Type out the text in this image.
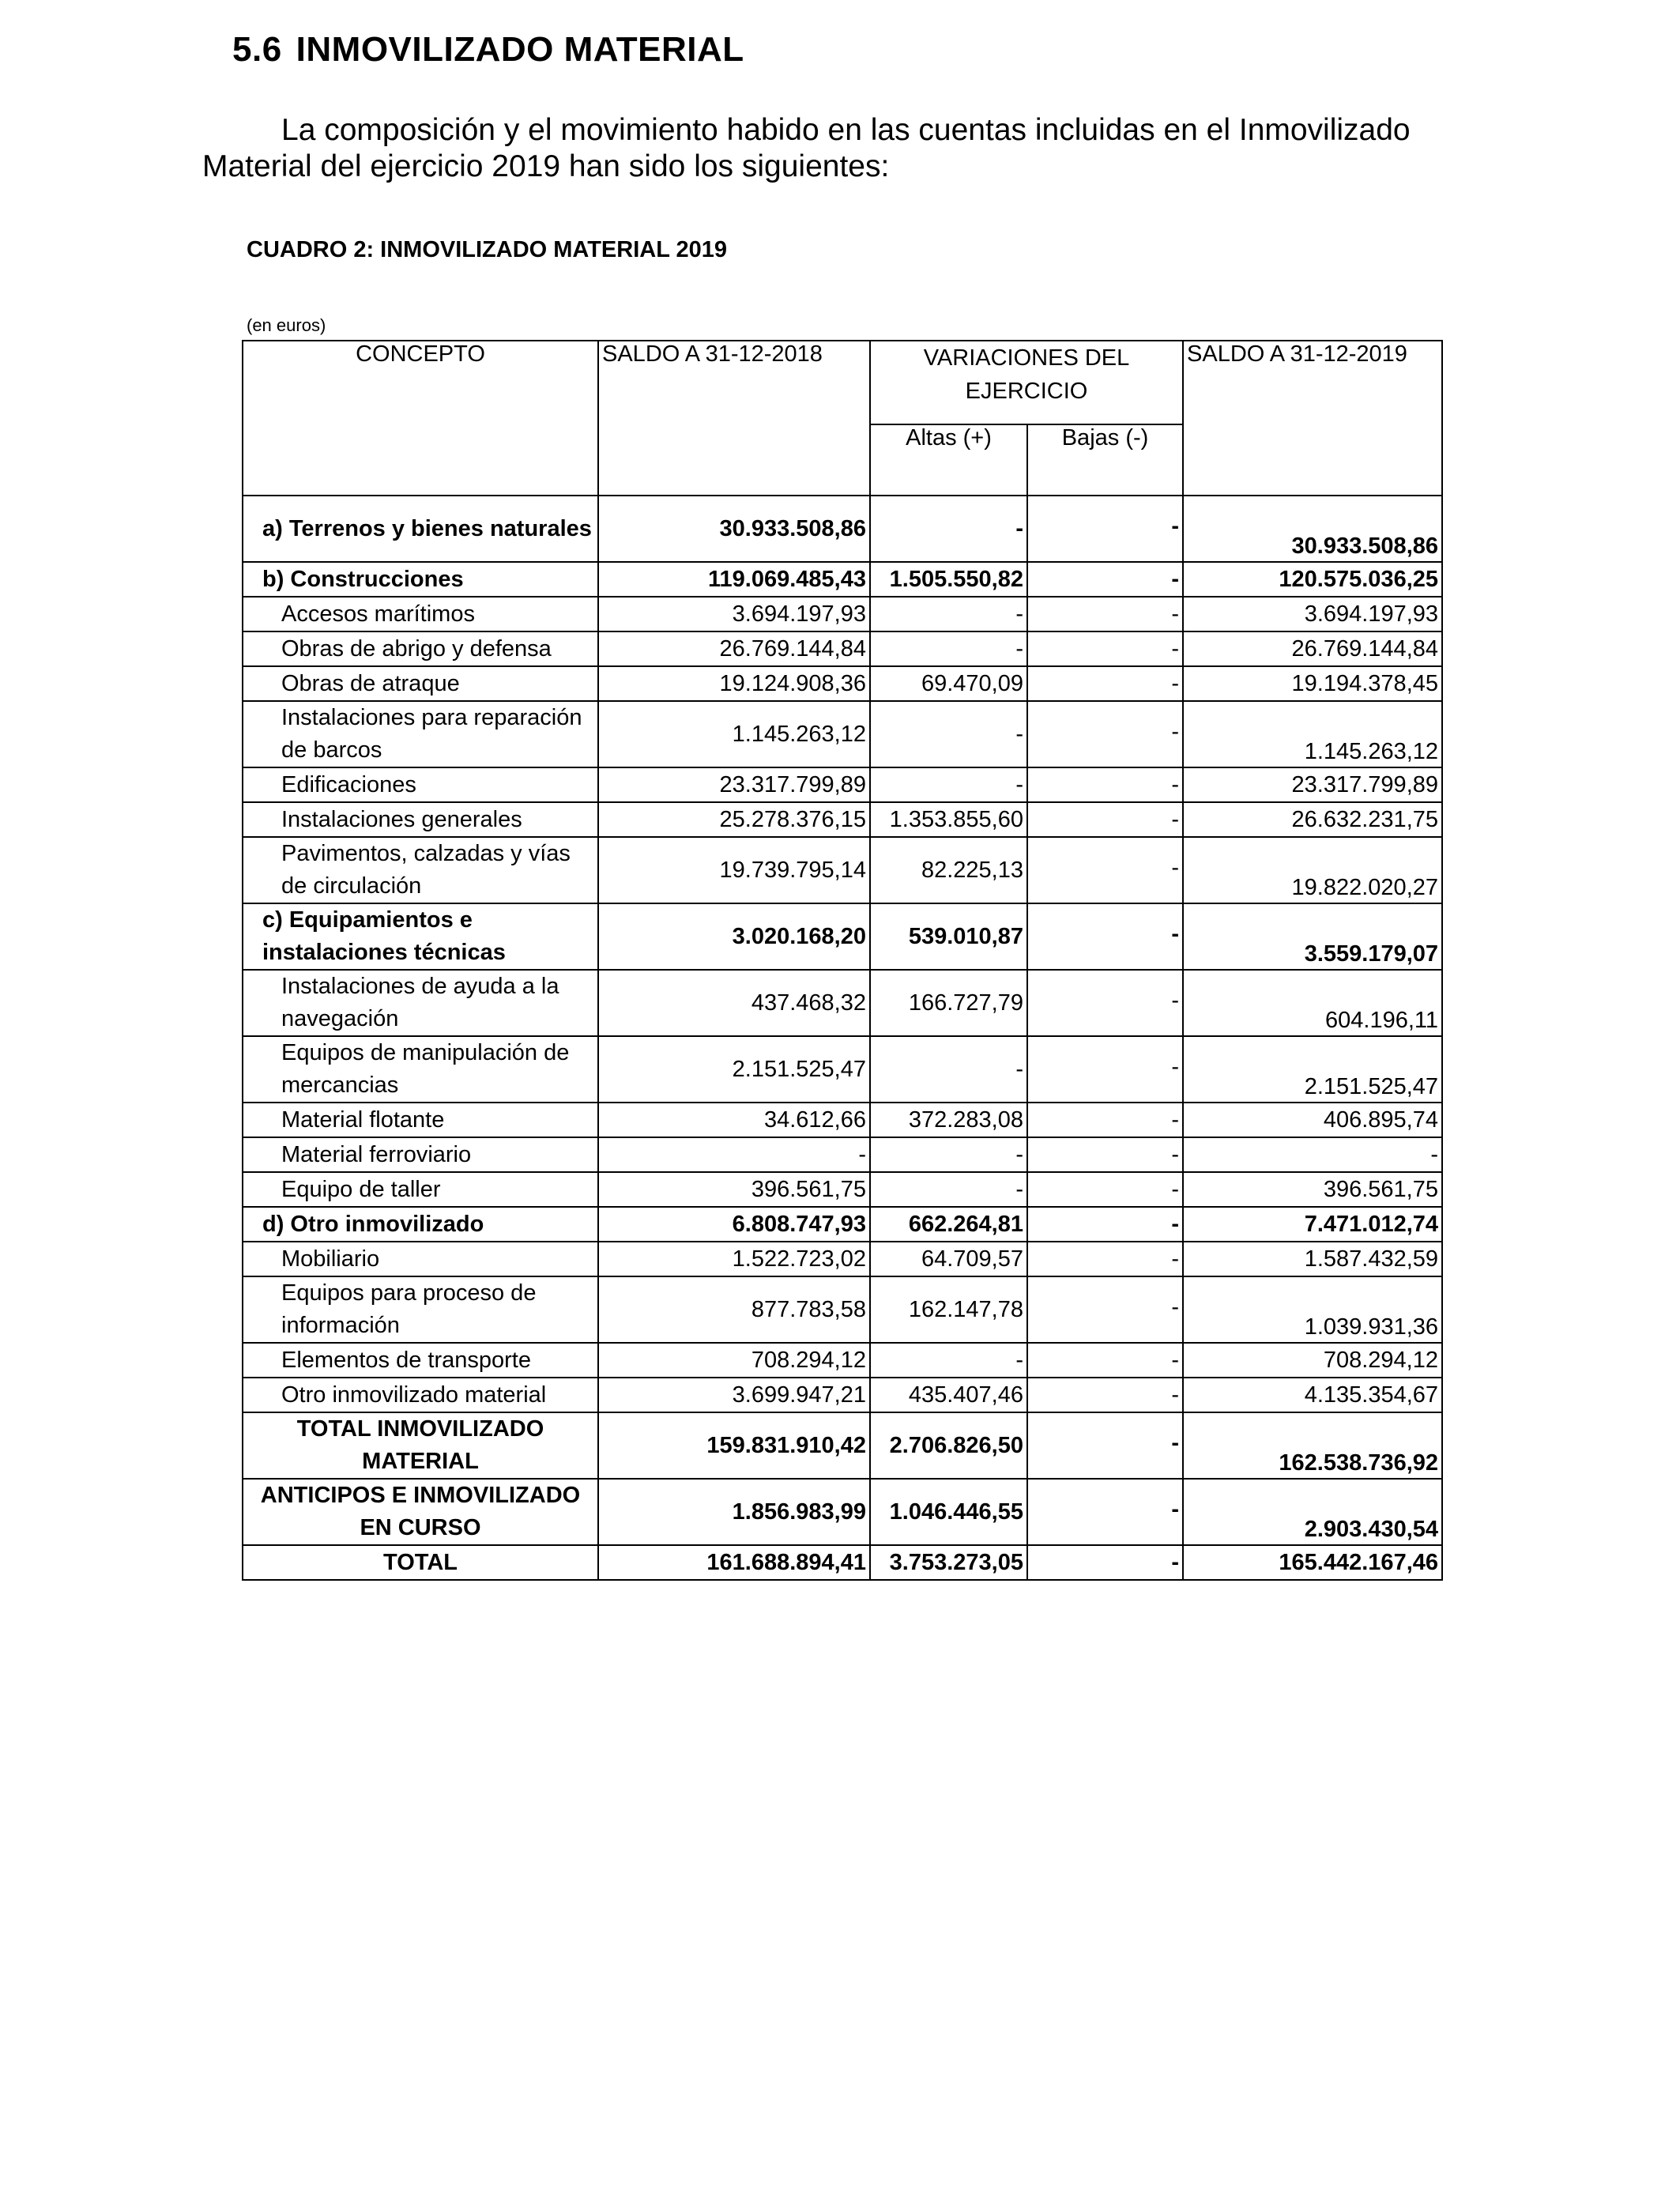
5.6 INMOVILIZADO MATERIAL

La composición y el movimiento habido en las cuentas incluidas en el Inmovilizado Material del ejercicio 2019 han sido los siguientes:

CUADRO 2: INMOVILIZADO MATERIAL 2019
(en euros)
CONCEPTO	SALDO A 31-12-2018	VARIACIONES DEL EJERCICIO		SALDO A 31-12-2019
		Altas (+)	Bajas (-)	
a) Terrenos y bienes naturales	30.933.508,86	-	-	30.933.508,86
b) Construcciones	119.069.485,43	1.505.550,82	-	120.575.036,25
Accesos marítimos	3.694.197,93	-	-	3.694.197,93
Obras de abrigo y defensa	26.769.144,84	-	-	26.769.144,84
Obras de atraque	19.124.908,36	69.470,09	-	19.194.378,45
Instalaciones para reparación de barcos	1.145.263,12	-	-	1.145.263,12
Edificaciones	23.317.799,89	-	-	23.317.799,89
Instalaciones generales	25.278.376,15	1.353.855,60	-	26.632.231,75
Pavimentos, calzadas y vías de circulación	19.739.795,14	82.225,13	-	19.822.020,27
c) Equipamientos e instalaciones técnicas	3.020.168,20	539.010,87	-	3.559.179,07
Instalaciones de ayuda a la navegación	437.468,32	166.727,79	-	604.196,11
Equipos de manipulación de mercancias	2.151.525,47	-	-	2.151.525,47
Material flotante	34.612,66	372.283,08	-	406.895,74
Material ferroviario	-	-	-	-
Equipo de taller	396.561,75	-	-	396.561,75
d) Otro inmovilizado	6.808.747,93	662.264,81	-	7.471.012,74
Mobiliario	1.522.723,02	64.709,57	-	1.587.432,59
Equipos para proceso de información	877.783,58	162.147,78	-	1.039.931,36
Elementos de transporte	708.294,12	-	-	708.294,12
Otro inmovilizado material	3.699.947,21	435.407,46	-	4.135.354,67
TOTAL INMOVILIZADO MATERIAL	159.831.910,42	2.706.826,50	-	162.538.736,92
ANTICIPOS E INMOVILIZADO EN CURSO	1.856.983,99	1.046.446,55	-	2.903.430,54
TOTAL	161.688.894,41	3.753.273,05	-	165.442.167,46
